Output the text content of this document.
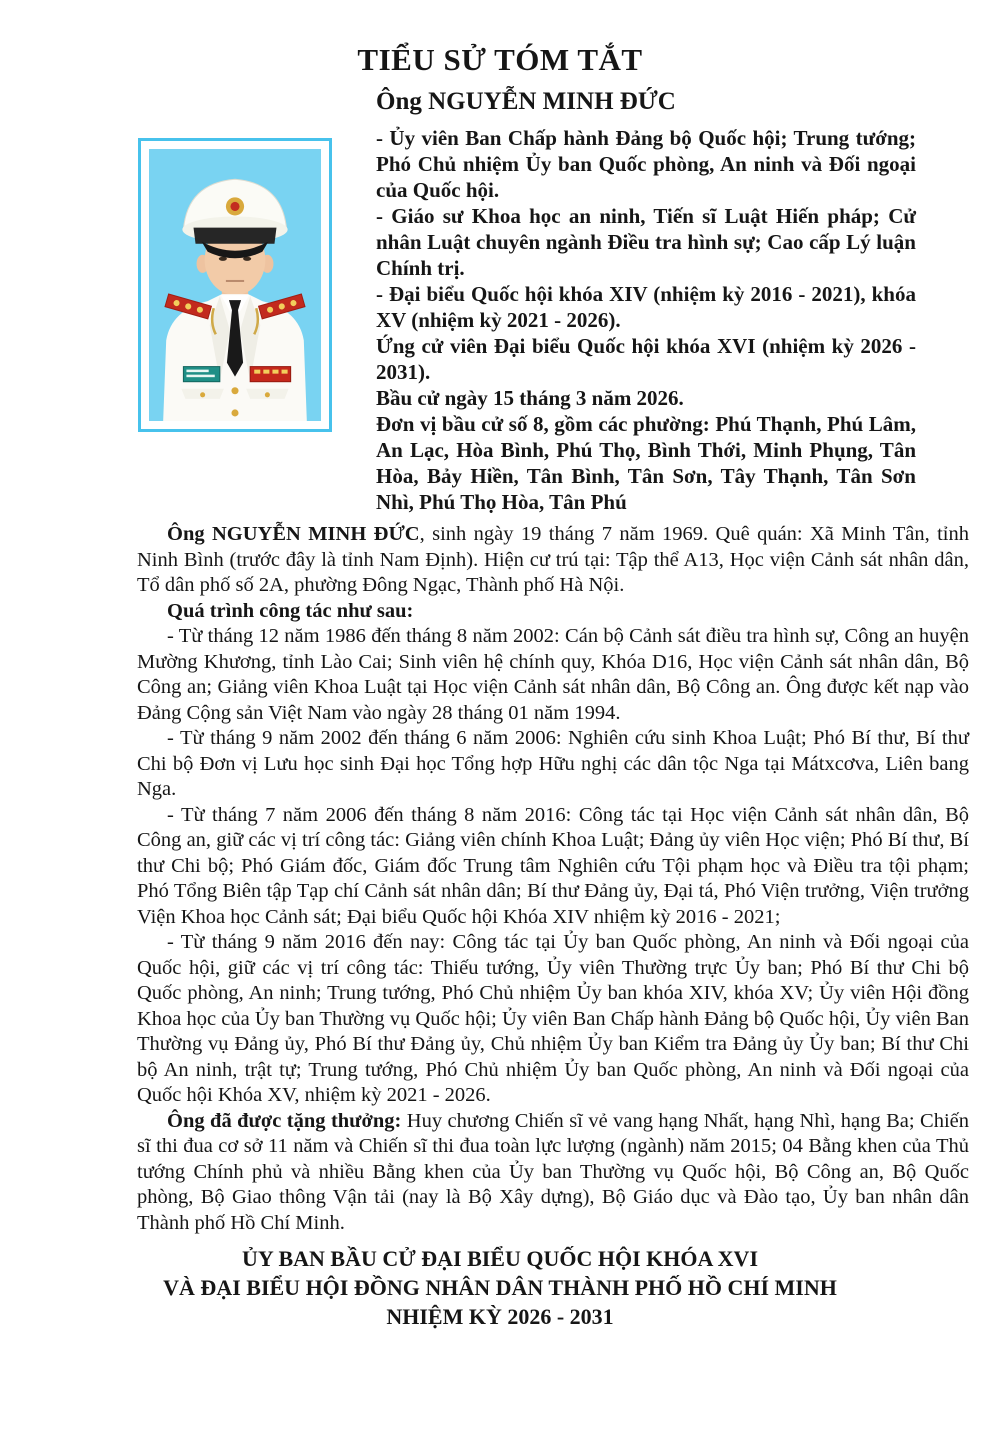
TIỂU SỬ TÓM TẮT
Ông NGUYỄN MINH ĐỨC

- Ủy viên Ban Chấp hành Đảng bộ Quốc hội; Trung tướng; Phó Chủ nhiệm Ủy ban Quốc phòng, An ninh và Đối ngoại của Quốc hội.

- Giáo sư Khoa học an ninh, Tiến sĩ Luật Hiến pháp; Cử nhân Luật chuyên ngành Điều tra hình sự; Cao cấp Lý luận Chính trị.

- Đại biểu Quốc hội khóa XIV (nhiệm kỳ 2016 - 2021), khóa XV (nhiệm kỳ 2021 - 2026).

Ứng cử viên Đại biểu Quốc hội khóa XVI (nhiệm kỳ 2026 - 2031).

Bầu cử ngày 15 tháng 3 năm 2026.

Đơn vị bầu cử số 8, gồm các phường: Phú Thạnh, Phú Lâm, An Lạc, Hòa Bình, Phú Thọ, Bình Thới, Minh Phụng, Tân Hòa, Bảy Hiền, Tân Bình, Tân Sơn, Tây Thạnh, Tân Sơn Nhì, Phú Thọ Hòa, Tân Phú

Ông NGUYỄN MINH ĐỨC, sinh ngày 19 tháng 7 năm 1969. Quê quán: Xã Minh Tân, tỉnh Ninh Bình (trước đây là tỉnh Nam Định). Hiện cư trú tại: Tập thể A13, Học viện Cảnh sát nhân dân, Tổ dân phố số 2A, phường Đông Ngạc, Thành phố Hà Nội.

Quá trình công tác như sau:

- Từ tháng 12 năm 1986 đến tháng 8 năm 2002: Cán bộ Cảnh sát điều tra hình sự, Công an huyện Mường Khương, tỉnh Lào Cai; Sinh viên hệ chính quy, Khóa D16, Học viện Cảnh sát nhân dân, Bộ Công an; Giảng viên Khoa Luật tại Học viện Cảnh sát nhân dân, Bộ Công an. Ông được kết nạp vào Đảng Cộng sản Việt Nam vào ngày 28 tháng 01 năm 1994.

- Từ tháng 9 năm 2002 đến tháng 6 năm 2006: Nghiên cứu sinh Khoa Luật; Phó Bí thư, Bí thư Chi bộ Đơn vị Lưu học sinh Đại học Tổng hợp Hữu nghị các dân tộc Nga tại Mátxcơva, Liên bang Nga.

- Từ tháng 7 năm 2006 đến tháng 8 năm 2016: Công tác tại Học viện Cảnh sát nhân dân, Bộ Công an, giữ các vị trí công tác: Giảng viên chính Khoa Luật; Đảng ủy viên Học viện; Phó Bí thư, Bí thư Chi bộ; Phó Giám đốc, Giám đốc Trung tâm Nghiên cứu Tội phạm học và Điều tra tội phạm; Phó Tổng Biên tập Tạp chí Cảnh sát nhân dân; Bí thư Đảng ủy, Đại tá, Phó Viện trưởng, Viện trưởng Viện Khoa học Cảnh sát; Đại biểu Quốc hội Khóa XIV nhiệm kỳ 2016 - 2021;

- Từ tháng 9 năm 2016 đến nay: Công tác tại Ủy ban Quốc phòng, An ninh và Đối ngoại của Quốc hội, giữ các vị trí công tác: Thiếu tướng, Ủy viên Thường trực Ủy ban; Phó Bí thư Chi bộ Quốc phòng, An ninh; Trung tướng, Phó Chủ nhiệm Ủy ban khóa XIV, khóa XV; Ủy viên Hội đồng Khoa học của Ủy ban Thường vụ Quốc hội; Ủy viên Ban Chấp hành Đảng bộ Quốc hội, Ủy viên Ban Thường vụ Đảng ủy, Phó Bí thư Đảng ủy, Chủ nhiệm Ủy ban Kiểm tra Đảng ủy Ủy ban; Bí thư Chi bộ An ninh, trật tự; Trung tướng, Phó Chủ nhiệm Ủy ban Quốc phòng, An ninh và Đối ngoại của Quốc hội Khóa XV, nhiệm kỳ 2021 - 2026.

Ông đã được tặng thưởng: Huy chương Chiến sĩ vẻ vang hạng Nhất, hạng Nhì, hạng Ba; Chiến sĩ thi đua cơ sở 11 năm và Chiến sĩ thi đua toàn lực lượng (ngành) năm 2015; 04 Bằng khen của Thủ tướng Chính phủ và nhiều Bằng khen của Ủy ban Thường vụ Quốc hội, Bộ Công an, Bộ Quốc phòng, Bộ Giao thông Vận tải (nay là Bộ Xây dựng), Bộ Giáo dục và Đào tạo, Ủy ban nhân dân Thành phố Hồ Chí Minh.

ỦY BAN BẦU CỬ ĐẠI BIỂU QUỐC HỘI KHÓA XVI
VÀ ĐẠI BIỂU HỘI ĐỒNG NHÂN DÂN THÀNH PHỐ HỒ CHÍ MINH
NHIỆM KỲ 2026 - 2031
